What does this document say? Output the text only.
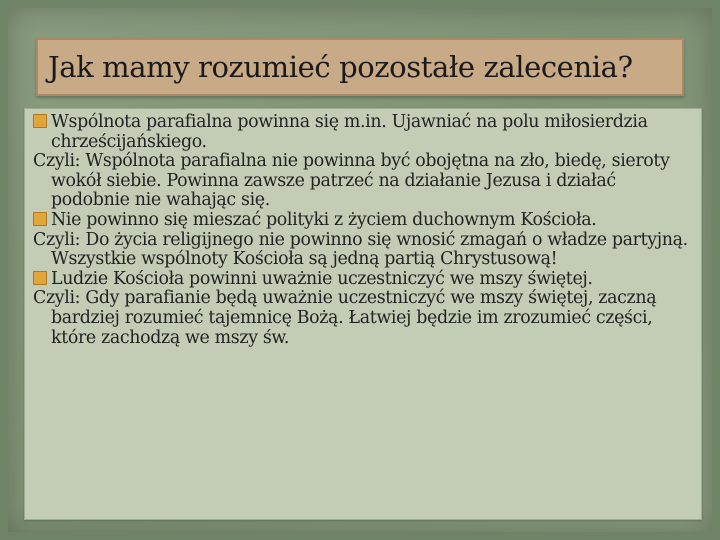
Jak mamy rozumieć pozostałe zalecenia?

Wspólnota parafialna powinna się m.in. Ujawniać na polu miłosierdzia chrześcijańskiego.

Czyli: Wspólnota parafialna nie powinna być obojętna na zło, biedę, sieroty wokół siebie. Powinna zawsze patrzeć na działanie Jezusa i działać podobnie nie wahając się.

Nie powinno się mieszać polityki z życiem duchownym Kościoła.

Czyli: Do życia religijnego nie powinno się wnosić zmagań o władze partyjną. Wszystkie wspólnoty Kościoła są jedną partią Chrystusową!

Ludzie Kościoła powinni uważnie uczestniczyć we mszy świętej.

Czyli: Gdy parafianie będą uważnie uczestniczyć we mszy świętej, zaczną bardziej rozumieć tajemnicę Bożą. Łatwiej będzie im zrozumieć części, które zachodzą we mszy św.
